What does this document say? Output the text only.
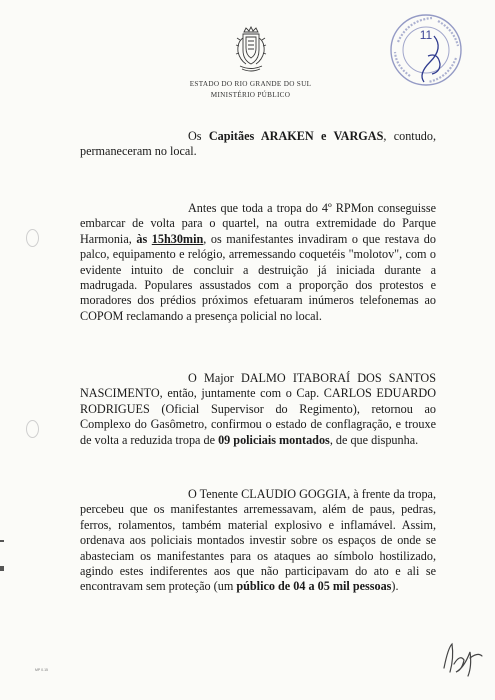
ESTADO DO RIO GRANDE DO SUL
MINISTÉRIO PÚBLICO
11
Os Capitães ARAKEN e VARGAS, contudo, permaneceram no local.
Antes que toda a tropa do 4º RPMon conseguisse embarcar de volta para o quartel, na outra extremidade do Parque Harmonia, às 15h30min, os manifestantes invadiram o que restava do palco, equipamento e relógio, arremessando coquetéis "molotov", com o evidente intuito de concluir a destruição já iniciada durante a madrugada. Populares assustados com a proporção dos protestos e moradores dos prédios próximos efetuaram inúmeros telefonemas ao COPOM reclamando a presença policial no local.
O Major DALMO ITABORAÍ DOS SANTOS NASCIMENTO, então, juntamente com o Cap. CARLOS EDUARDO RODRIGUES (Oficial Supervisor do Regimento), retornou ao Complexo do Gasômetro, confirmou o estado de conflagração, e trouxe de volta a reduzida tropa de 09 policiais montados, de que dispunha.
O Tenente CLAUDIO GOGGIA, à frente da tropa, percebeu que os manifestantes arremessavam, além de paus, pedras, ferros, rolamentos, também material explosivo e inflamável. Assim, ordenava aos policiais montados investir sobre os espaços de onde se abasteciam os manifestantes para os ataques ao símbolo hostilizado, agindo estes indiferentes aos que não participavam do ato e ali se encontravam sem proteção (um público de 04 a 05 mil pessoas).
MP 0.15
